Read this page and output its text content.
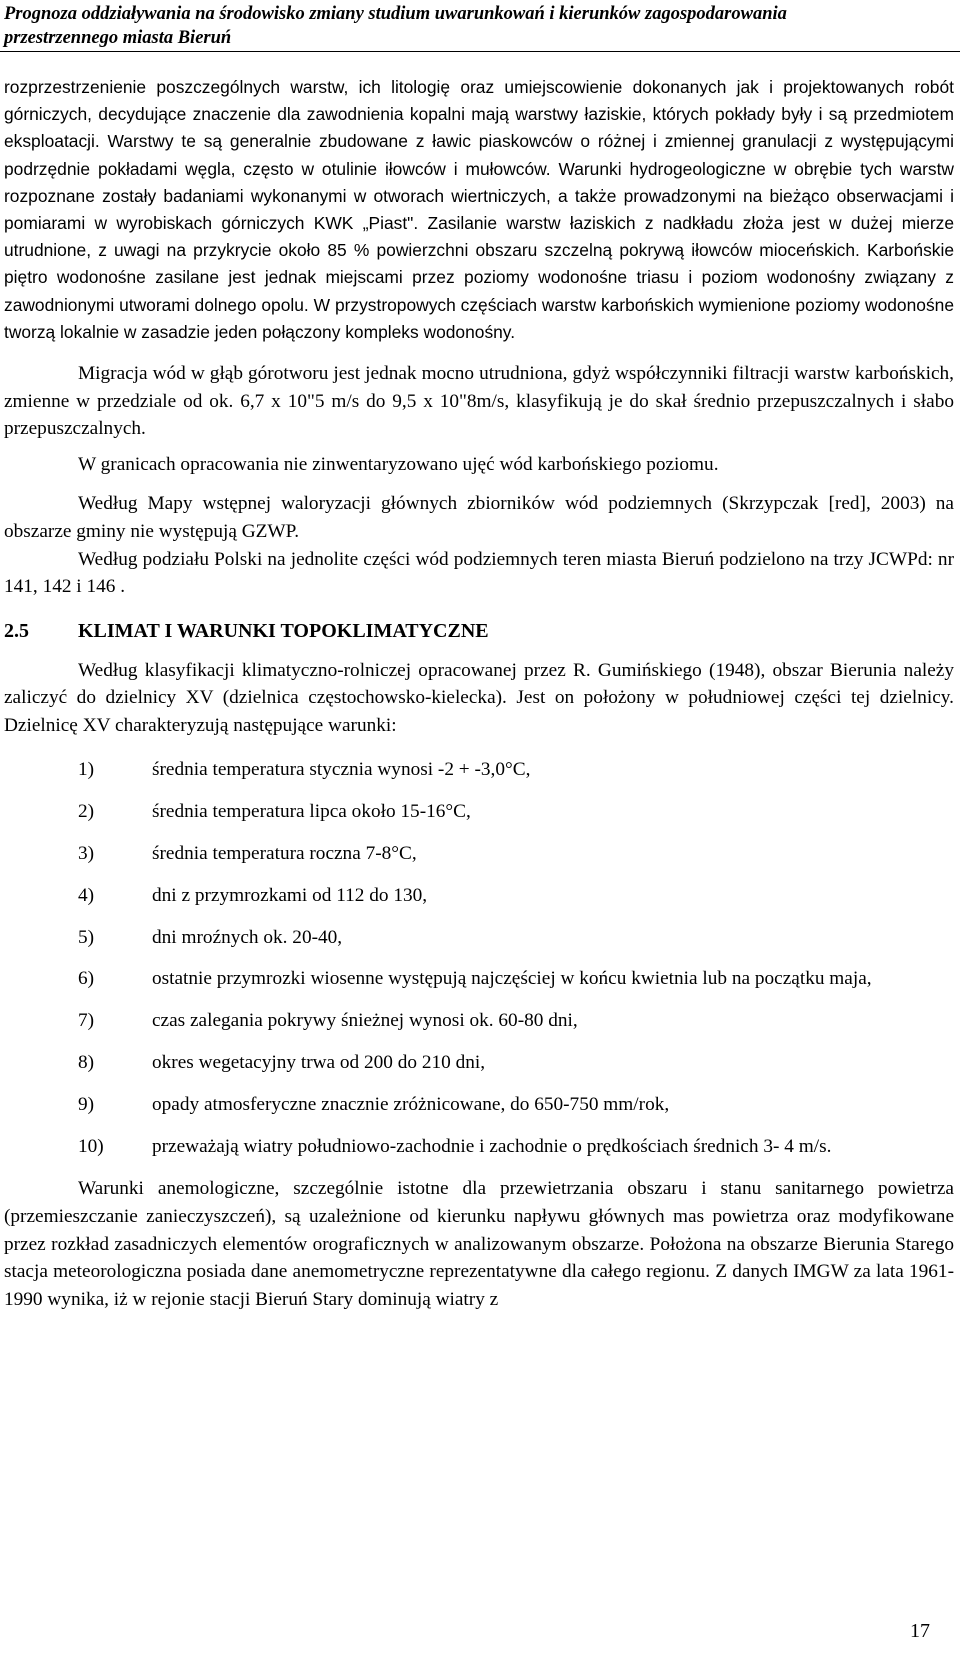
Prognoza oddziaływania na środowisko zmiany studium uwarunkowań i kierunków zagospodarowania
przestrzennego miasta Bieruń

rozprzestrzenienie poszczególnych warstw, ich litologię oraz umiejscowienie dokonanych jak i projektowanych robót górniczych, decydujące znaczenie dla zawodnienia kopalni mają warstwy łaziskie, których pokłady były i są przedmiotem eksploatacji. Warstwy te są generalnie zbudowane z ławic piaskowców o różnej i zmiennej granulacji z występującymi podrzędnie pokładami węgla, często w otulinie iłowców i mułowców. Warunki hydrogeologiczne w obrębie tych warstw rozpoznane zostały badaniami wykonanymi w otworach wiertniczych, a także prowadzonymi na bieżąco obserwacjami i pomiarami w wyrobiskach górniczych KWK „Piast". Zasilanie warstw łaziskich z nadkładu złoża jest w dużej mierze utrudnione, z uwagi na przykrycie około 85 % powierzchni obszaru szczelną pokrywą iłowców mioceńskich. Karbońskie piętro wodonośne zasilane jest jednak miejscami przez poziomy wodonośne triasu i poziom wodonośny związany z zawodnionymi utworami dolnego opolu. W przystropowych częściach warstw karbońskich wymienione poziomy wodonośne tworzą lokalnie w zasadzie jeden połączony kompleks wodonośny.

Migracja wód w głąb górotworu jest jednak mocno utrudniona, gdyż współczynniki filtracji warstw karbońskich, zmienne w przedziale od ok. 6,7 x 10"5 m/s do 9,5 x 10"8m/s, klasyfikują je do skał średnio przepuszczalnych i słabo przepuszczalnych.

W granicach opracowania nie zinwentaryzowano ujęć wód karbońskiego poziomu.

Według Mapy wstępnej waloryzacji głównych zbiorników wód podziemnych (Skrzypczak [red], 2003) na obszarze gminy nie występują GZWP.

Według podziału Polski na jednolite części wód podziemnych teren miasta Bieruń podzielono na trzy JCWPd: nr 141, 142 i 146 .

2.5	KLIMAT I WARUNKI TOPOKLIMATYCZNE

Według klasyfikacji klimatyczno-rolniczej opracowanej przez R. Gumińskiego (1948), obszar Bierunia należy zaliczyć do dzielnicy XV (dzielnica częstochowsko-kielecka). Jest on położony w południowej części tej dzielnicy. Dzielnicę XV charakteryzują następujące warunki:

1)	średnia temperatura stycznia wynosi -2 + -3,0°C,
2)	średnia temperatura lipca około 15-16°C,
3)	średnia temperatura roczna 7-8°C,
4)	dni z przymrozkami od 112 do 130,
5)	dni mroźnych ok. 20-40,
6)	ostatnie przymrozki wiosenne występują najczęściej w końcu kwietnia lub na początku maja,
7)	czas zalegania pokrywy śnieżnej wynosi ok. 60-80 dni,
8)	okres wegetacyjny trwa od 200 do 210 dni,
9)	opady atmosferyczne znacznie zróżnicowane, do 650-750 mm/rok,
10)	przeważają wiatry południowo-zachodnie i zachodnie o prędkościach średnich 3- 4 m/s.

Warunki anemologiczne, szczególnie istotne dla przewietrzania obszaru i stanu sanitarnego powietrza (przemieszczanie zanieczyszczeń), są uzależnione od kierunku napływu głównych mas powietrza oraz modyfikowane przez rozkład zasadniczych elementów orograficznych w analizowanym obszarze. Położona na obszarze Bierunia Starego stacja meteorologiczna posiada dane anemometryczne reprezentatywne dla całego regionu. Z danych IMGW za lata 1961-1990 wynika, iż w rejonie stacji Bieruń Stary dominują wiatry z

17
